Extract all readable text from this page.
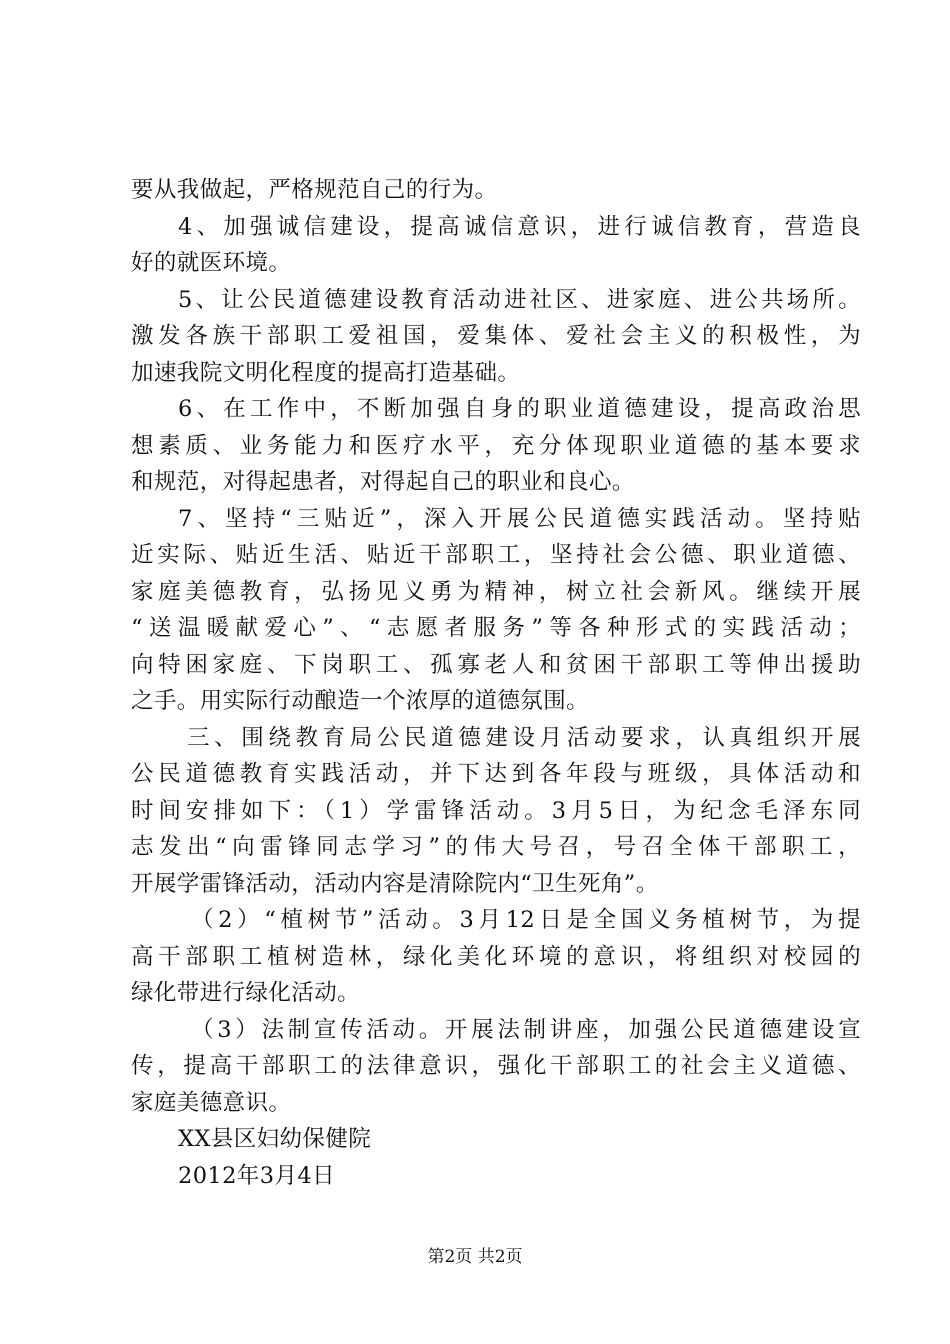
要从我做起，严格规范自己的行为。
4、加强诚信建设，提高诚信意识，进行诚信教育，营造良
好的就医环境。
5、让公民道德建设教育活动进社区、进家庭、进公共场所。
激发各族干部职工爱祖国，爱集体、爱社会主义的积极性，为
加速我院文明化程度的提高打造基础。
6、在工作中，不断加强自身的职业道德建设，提高政治思
想素质、业务能力和医疗水平，充分体现职业道德的基本要求
和规范，对得起患者，对得起自己的职业和良心。
7、坚持“三贴近”，深入开展公民道德实践活动。坚持贴
近实际、贴近生活、贴近干部职工，坚持社会公德、职业道德、
家庭美德教育，弘扬见义勇为精神，树立社会新风。继续开展
“送温暖献爱心”、“志愿者服务”等各种形式的实践活动；
向特困家庭、下岗职工、孤寡老人和贫困干部职工等伸出援助
之手。用实际行动酿造一个浓厚的道德氛围。
三、围绕教育局公民道德建设月活动要求，认真组织开展
公民道德教育实践活动，并下达到各年段与班级，具体活动和
时间安排如下：（1）学雷锋活动。3月5日，为纪念毛泽东同
志发出“向雷锋同志学习”的伟大号召，号召全体干部职工，
开展学雷锋活动，活动内容是清除院内“卫生死角”。
（2）“植树节”活动。3月12日是全国义务植树节，为提
高干部职工植树造林，绿化美化环境的意识，将组织对校园的
绿化带进行绿化活动。
（3）法制宣传活动。开展法制讲座，加强公民道德建设宣
传，提高干部职工的法律意识，强化干部职工的社会主义道德、
家庭美德意识。
XX县区妇幼保健院
2012年3月4日
第2页 共2页
